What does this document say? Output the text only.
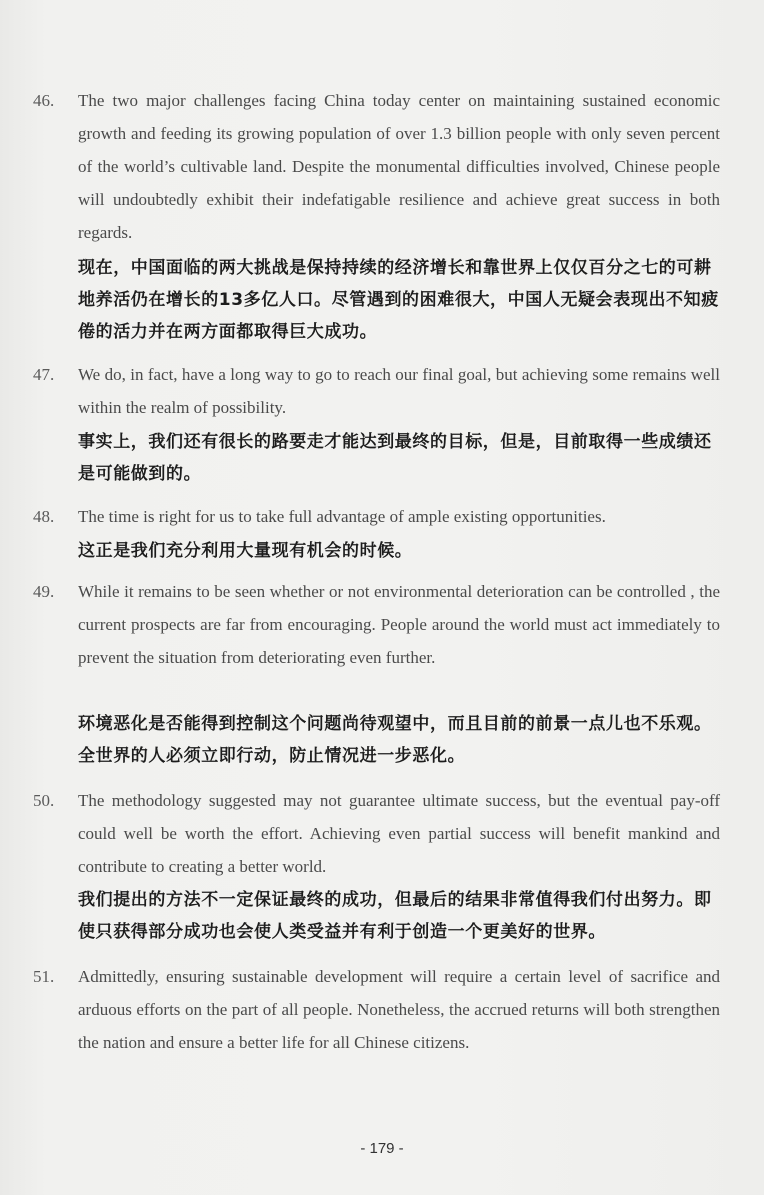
46.	The two major challenges facing China today center on maintaining sustained economic growth and feeding its growing population of over 1.3 billion people with only seven percent of the world’s cultivable land. Despite the monumental difficulties involved, Chinese people will undoubtedly exhibit their indefatigable resilience and achieve great success in both regards.
现在，中国面临的两大挑战是保持持续的经济增长和靠世界上仅仅百分之七的可耕地养活仍在增长的13多亿人口。尽管遇到的困难很大，中国人无疑会表现出不知疲倦的活力并在两方面都取得巨大成功。
47.	We do, in fact, have a long way to go to reach our final goal, but achieving some remains well within the realm of possibility.
事实上，我们还有很长的路要走才能达到最终的目标，但是，目前取得一些成绩还是可能做到的。
48.	The time is right for us to take full advantage of ample existing opportunities.
这正是我们充分利用大量现有机会的时候。
49.	While it remains to be seen whether or not environmental deterioration can be controlled , the current prospects are far from encouraging. People around the world must act immediately to prevent the situation from deteriorating even further.
环境恶化是否能得到控制这个问题尚待观望中，而且目前的前景一点儿也不乐观。全世界的人必须立即行动，防止情况进一步恶化。
50.	The methodology suggested may not guarantee ultimate success, but the eventual pay-off could well be worth the effort. Achieving even partial success will benefit mankind and contribute to creating a better world.
我们提出的方法不一定保证最终的成功，但最后的结果非常值得我们付出努力。即使只获得部分成功也会使人类受益并有利于创造一个更美好的世界。
51.	Admittedly, ensuring sustainable development will require a certain level of sacrifice and arduous efforts on the part of all people. Nonetheless, the accrued returns will both strengthen the nation and ensure a better life for all Chinese citizens.
- 179 -
